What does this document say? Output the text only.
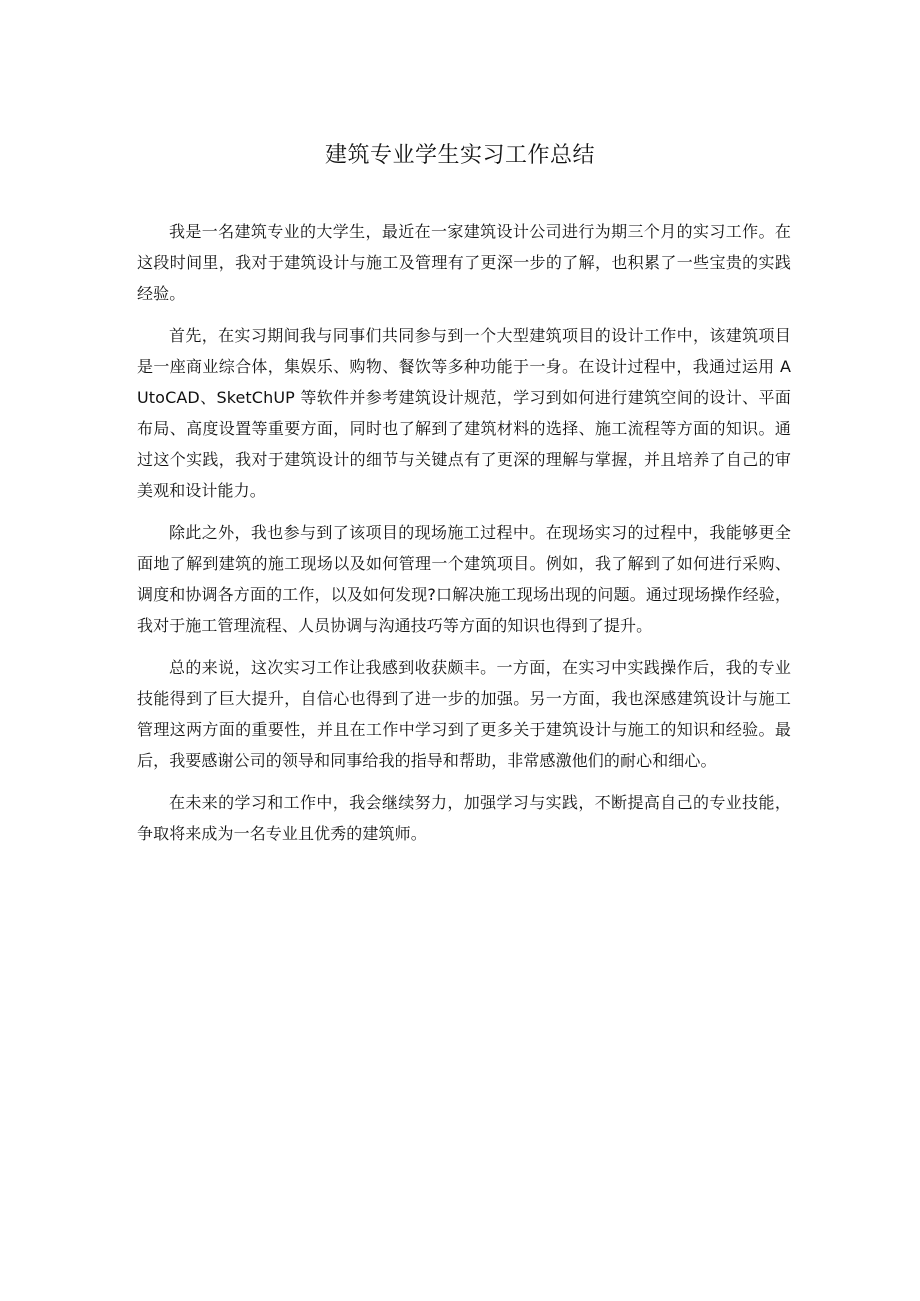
建筑专业学生实习工作总结

我是一名建筑专业的大学生，最近在一家建筑设计公司进行为期三个月的实习工作。在这段时间里，我对于建筑设计与施工及管理有了更深一步的了解，也积累了一些宝贵的实践经验。

首先，在实习期间我与同事们共同参与到一个大型建筑项目的设计工作中，该建筑项目是一座商业综合体，集娱乐、购物、餐饮等多种功能于一身。在设计过程中，我通过运用 AUtoCAD、SketChUP 等软件并参考建筑设计规范，学习到如何进行建筑空间的设计、平面布局、高度设置等重要方面，同时也了解到了建筑材料的选择、施工流程等方面的知识。通过这个实践，我对于建筑设计的细节与关键点有了更深的理解与掌握，并且培养了自己的审美观和设计能力。

除此之外，我也参与到了该项目的现场施工过程中。在现场实习的过程中，我能够更全面地了解到建筑的施工现场以及如何管理一个建筑项目。例如，我了解到了如何进行采购、调度和协调各方面的工作，以及如何发现?口解决施工现场出现的问题。通过现场操作经验，我对于施工管理流程、人员协调与沟通技巧等方面的知识也得到了提升。

总的来说，这次实习工作让我感到收获颇丰。一方面，在实习中实践操作后，我的专业技能得到了巨大提升，自信心也得到了进一步的加强。另一方面，我也深感建筑设计与施工管理这两方面的重要性，并且在工作中学习到了更多关于建筑设计与施工的知识和经验。最后，我要感谢公司的领导和同事给我的指导和帮助，非常感激他们的耐心和细心。

在未来的学习和工作中，我会继续努力，加强学习与实践，不断提高自己的专业技能，争取将来成为一名专业且优秀的建筑师。
